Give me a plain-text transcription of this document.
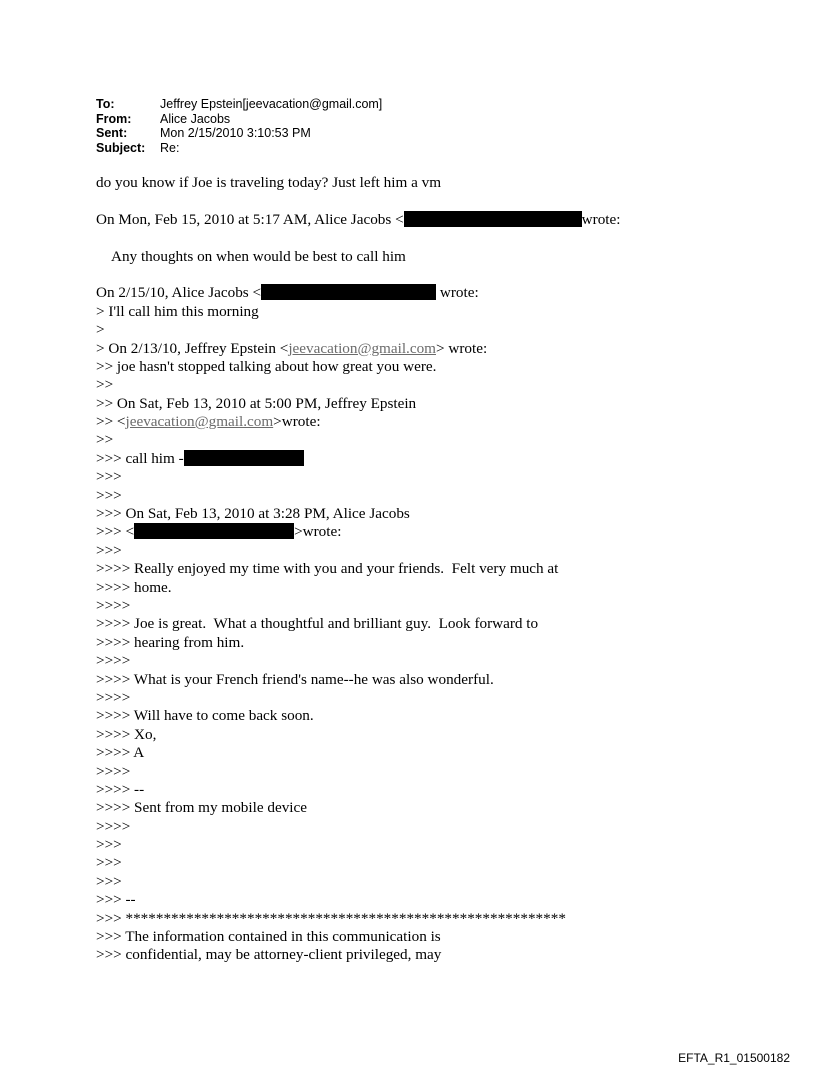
To:	Jeffrey Epstein[jeevacation@gmail.com]
From:	Alice Jacobs
Sent:	Mon 2/15/2010 3:10:53 PM
Subject:	Re:
do you know if Joe is traveling today? Just left him a vm
On Mon, Feb 15, 2010 at 5:17 AM, Alice Jacobs <	wrote:
Any thoughts on when would be best to call him
On 2/15/10, Alice Jacobs <	wrote:
> I'll call him this morning
>
> On 2/13/10, Jeffrey Epstein <jeevacation@gmail.com> wrote:
>> joe hasn't stopped talking about how great you were.
>>
>> On Sat, Feb 13, 2010 at 5:00 PM, Jeffrey Epstein
>> <jeevacation@gmail.com>wrote:
>>
>>> call him -
>>>
>>>
>>> On Sat, Feb 13, 2010 at 3:28 PM, Alice Jacobs
>>> <	>wrote:
>>>
>>>> Really enjoyed my time with you and your friends.  Felt very much at
>>>> home.
>>>>
>>>> Joe is great.  What a thoughtful and brilliant guy.  Look forward to
>>>> hearing from him.
>>>>
>>>> What is your French friend's name--he was also wonderful.
>>>>
>>>> Will have to come back soon.
>>>> Xo,
>>>> A
>>>>
>>>> --
>>>> Sent from my mobile device
>>>>
>>>
>>>
>>>
>>> --
>>> **********************************************************
>>> The information contained in this communication is
>>> confidential, may be attorney-client privileged, may
EFTA_R1_01500182
